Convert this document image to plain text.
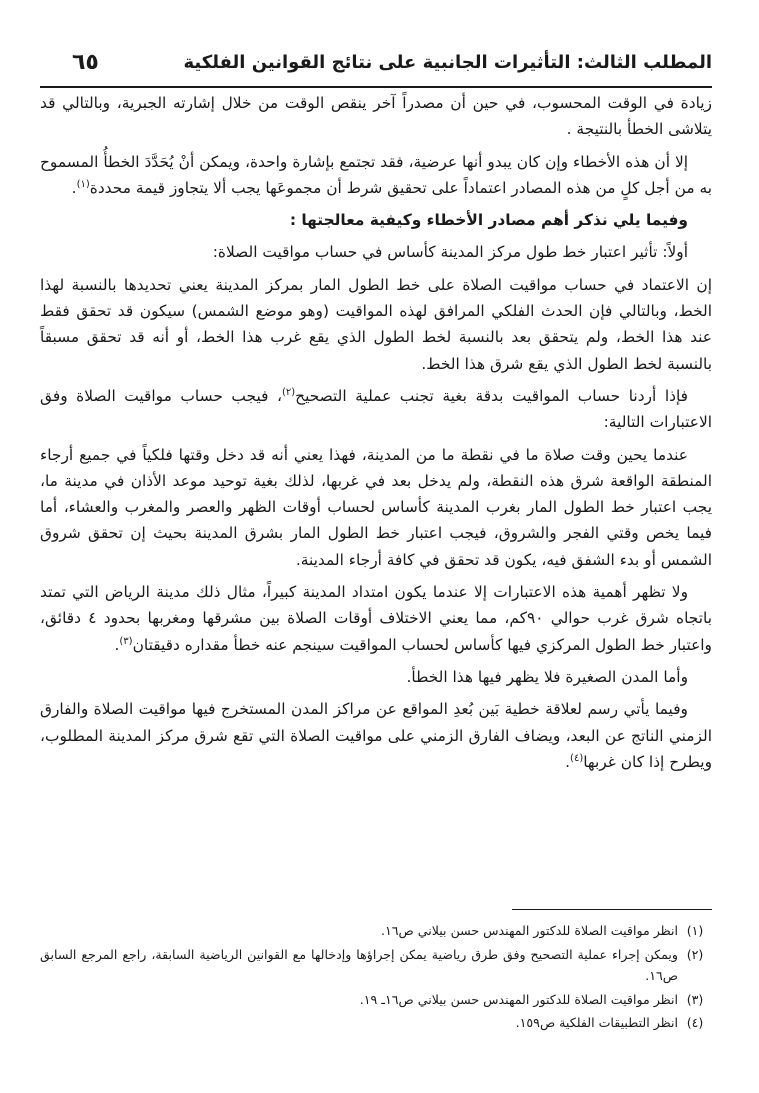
المطلب الثالث: التأثيرات الجانبية على نتائج القوانين الفلكية
٦٥

زيادة في الوقت المحسوب، في حين أن مصدراً آخر ينقص الوقت من خلال إشارته الجبرية، وبالتالي قد يتلاشى الخطأ بالنتيجة .

إلا أن هذه الأخطاء وإن كان يبدو أنها عرضية، فقد تجتمع بإشارة واحدة، ويمكن أنْ يُحَدَّدَ الخطأُ المسموح به من أجل كلٍ من هذه المصادر اعتماداً على تحقيق شرط أن مجموعَها يجب ألا يتجاوز قيمة محددة$^{(١)}$.

وفيما يلي نذكر أهم مصادر الأخطاء وكيفية معالجتها :

أولاً: تأثير اعتبار خط طول مركز المدينة كأساس في حساب مواقيت الصلاة:

إن الاعتماد في حساب مواقيت الصلاة على خط الطول المار بمركز المدينة يعني تحديدها بالنسبة لهذا الخط، وبالتالي فإن الحدث الفلكي المرافق لهذه المواقيت (وهو موضع الشمس) سيكون قد تحقق فقط عند هذا الخط، ولم يتحقق بعد بالنسبة لخط الطول الذي يقع غرب هذا الخط، أو أنه قد تحقق مسبقاً بالنسبة لخط الطول الذي يقع شرق هذا الخط.

فإذا أردنا حساب المواقيت بدقة بغية تجنب عملية التصحيح$^{(٢)}$، فيجب حساب مواقيت الصلاة وفق الاعتبارات التالية:

عندما يحين وقت صلاة ما في نقطة ما من المدينة، فهذا يعني أنه قد دخل وقتها فلكياً في جميع أرجاء المنطقة الواقعة شرق هذه النقطة، ولم يدخل بعد في غربها، لذلك بغية توحيد موعد الأذان في مدينة ما، يجب اعتبار خط الطول المار بغرب المدينة كأساس لحساب أوقات الظهر والعصر والمغرب والعشاء، أما فيما يخص وقتي الفجر والشروق، فيجب اعتبار خط الطول المار بشرق المدينة بحيث إن تحقق شروق الشمس أو بدء الشفق فيه، يكون قد تحقق في كافة أرجاء المدينة.

ولا تظهر أهمية هذه الاعتبارات إلا عندما يكون امتداد المدينة كبيراً، مثال ذلك مدينة الرياض التي تمتد باتجاه شرق غرب حوالي ٩٠كم، مما يعني الاختلاف أوقات الصلاة بين مشرقها ومغربها بحدود ٤ دقائق، واعتبار خط الطول المركزي فيها كأساس لحساب المواقيت سينجم عنه خطأ مقداره دقيقتان$^{(٣)}$.

وأما المدن الصغيرة فلا يظهر فيها هذا الخطأ.

وفيما يأتي رسم لعلاقة خطية بَين بُعدِ المواقع عن مراكز المدن المستخرج فيها مواقيت الصلاة والفارق الزمني الناتج عن البعد، ويضاف الفارق الزمني على مواقيت الصلاة التي تقع شرق مركز المدينة المطلوب، ويطرح إذا كان غربها$^{(٤)}$.

(١)
انظر مواقيت الصلاة للدكتور المهندس حسن بيلاني ص١٦.
(٢)
ويمكن إجراء عملية التصحيح وفق طرق رياضية يمكن إجراؤها وإدخالها مع القوانين الرياضية السابقة، راجع المرجع السابق ص١٦.
(٣)
انظر مواقيت الصلاة للدكتور المهندس حسن بيلاني ص١٦ـ ١٩.
(٤)
انظر التطبيقات الفلكية ص١٥٩.
